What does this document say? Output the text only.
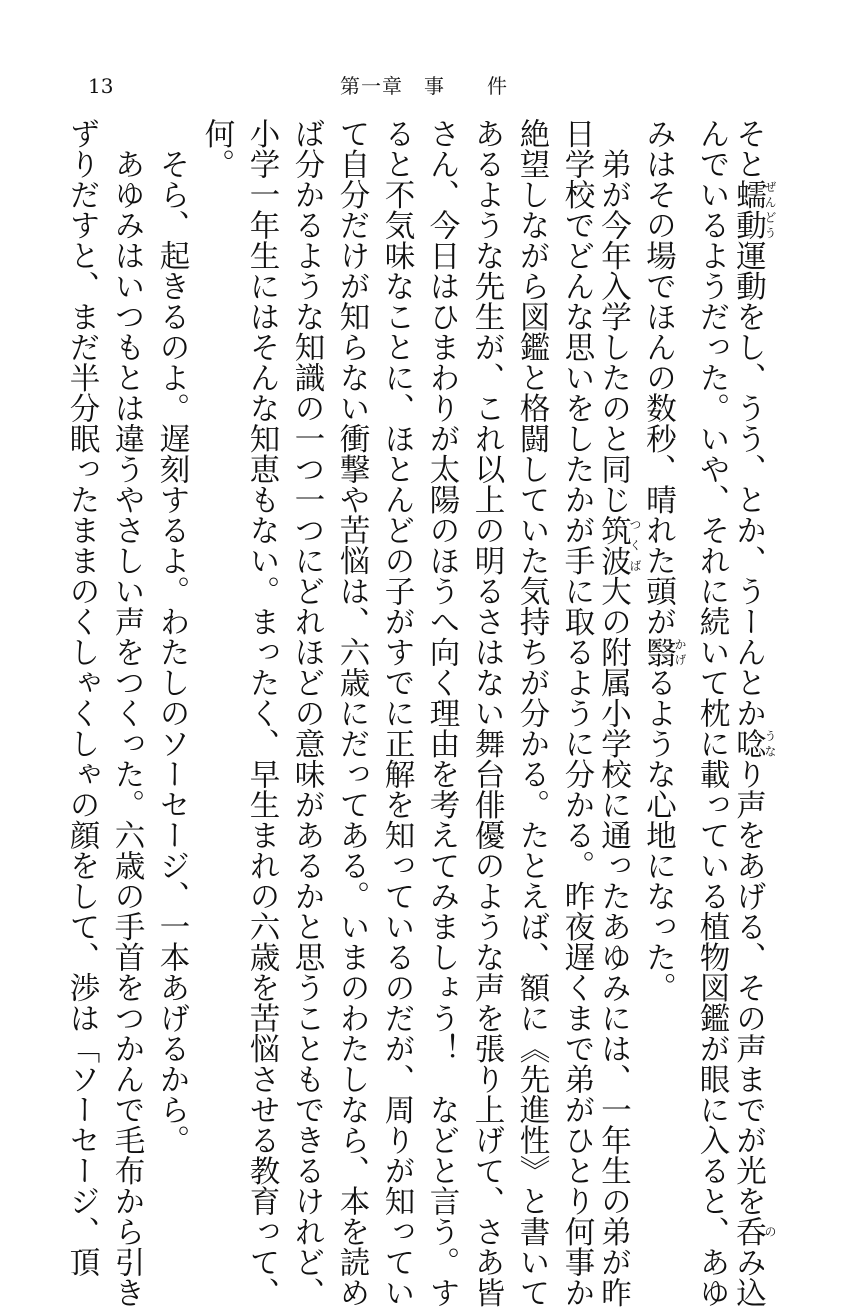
13	第一章　事　　件
そと蠕動ぜんどう運動をし、うう、とか、うーんとか唸うなり声をあげる、その声までが光を呑のみ込
んでいるようだった。いや、それに続いて枕に載っている植物図鑑が眼に入ると、あゆ
みはその場でほんの数秒、晴れた頭が翳かげるような心地になった。
　弟が今年入学したのと同じ筑波つくば大の附属小学校に通ったあゆみには、一年生の弟が昨
日学校でどんな思いをしたかが手に取るように分かる。昨夜遅くまで弟がひとり何事か
絶望しながら図鑑と格闘していた気持ちが分かる。たとえば、額に《先進性》と書いて
あるような先生が、これ以上の明るさはない舞台俳優のような声を張り上げて、さあ皆
さん、今日はひまわりが太陽のほうへ向く理由を考えてみましょう！　などと言う。す
ると不気味なことに、ほとんどの子がすでに正解を知っているのだが、周りが知ってい
て自分だけが知らない衝撃や苦悩は、六歳にだってある。いまのわたしなら、本を読め
ば分かるような知識の一つ一つにどれほどの意味があるかと思うこともできるけれど、
小学一年生にはそんな知恵もない。まったく、早生まれの六歳を苦悩させる教育って、
何。
　そら、起きるのよ。遅刻するよ。わたしのソーセージ、一本あげるから。
　あゆみはいつもとは違うやさしい声をつくった。六歳の手首をつかんで毛布から引き
ずりだすと、まだ半分眠ったままのくしゃくしゃの顔をして、渉は「ソーセージ、頂
